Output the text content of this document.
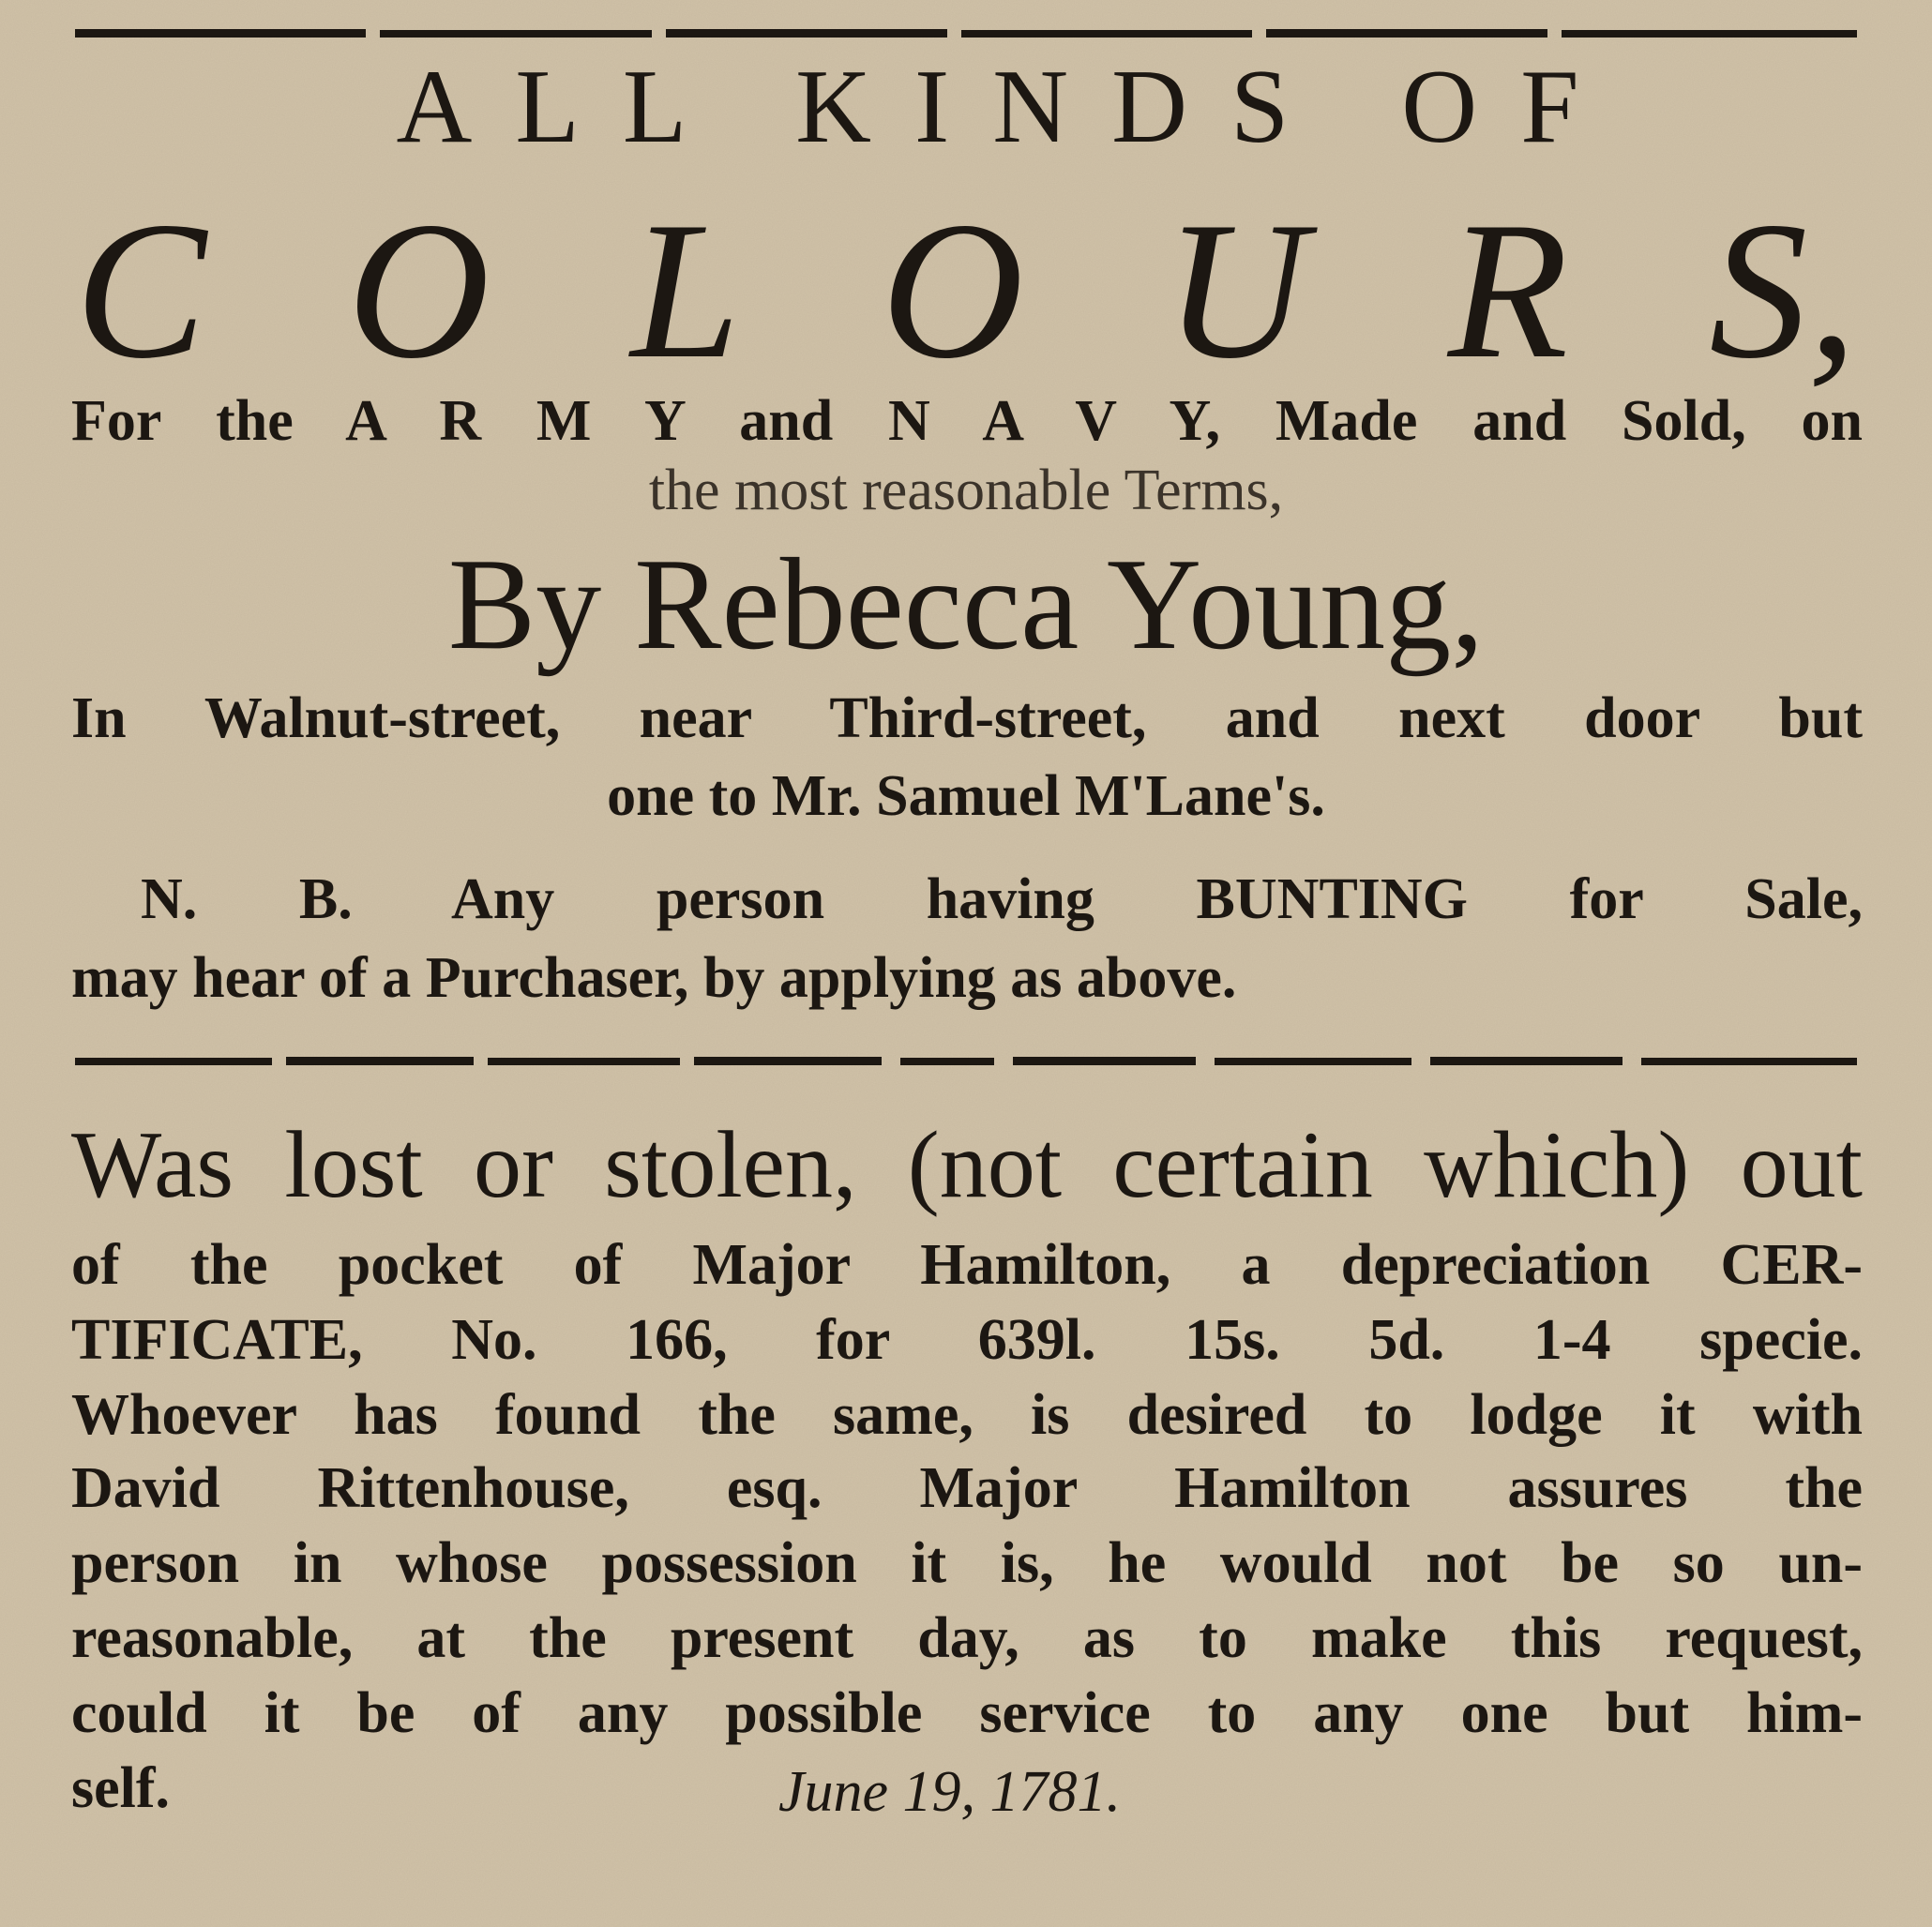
ALL KINDS OF
C O L O U R S,
For the A R M Y and N A V Y, Made and Sold, on
the most reasonable Terms,
By Rebecca Young,
In Walnut-street, near Third-street, and next door but
one to Mr. Samuel M'Lane's.
N. B. Any person having BUNTING for Sale,
may hear of a Purchaser, by applying as above.
Was lost or stolen, (not certain which) out
of the pocket of Major Hamilton, a depreciation CER-
TIFICATE, No. 166, for 639l. 15s. 5d. 1-4 specie.
Whoever has found the same, is desired to lodge it with
David Rittenhouse, esq. Major Hamilton assures the
person in whose possession it is, he would not be so un-
reasonable, at the present day, as to make this request,
could it be of any possible service to any one but him-
self.	June 19, 1781.
